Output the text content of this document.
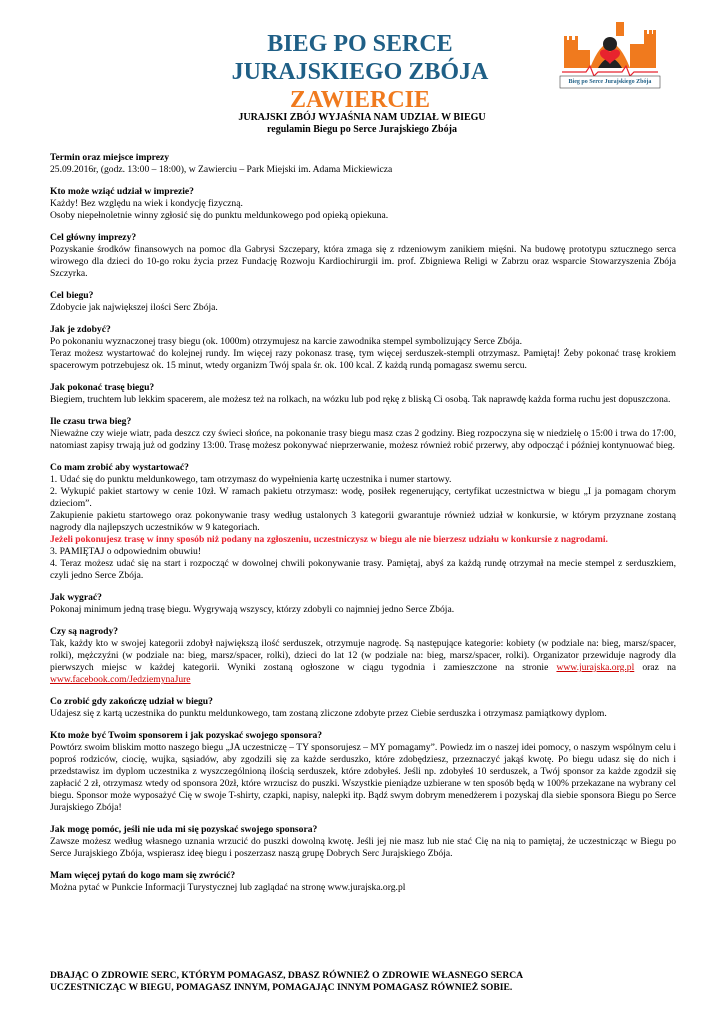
BIEG PO SERCE
JURAJSKIEGO ZBÓJA
ZAWIERCIE
Bieg po Serce Jurajskiego Zbója
JURAJSKI ZBÓJ WYJAŚNIA NAM UDZIAŁ W BIEGU
regulamin Biegu po Serce Jurajskiego Zbója
Termin oraz miejsce imprezy

25.09.2016r, (godz. 13:00 – 18:00), w Zawierciu – Park Miejski im. Adama Mickiewicza

Kto może wziąć udział w imprezie?

Każdy! Bez względu na wiek i kondycję fizyczną.

Osoby niepełnoletnie winny zgłosić się do punktu meldunkowego pod opieką opiekuna.

Cel główny imprezy?

Pozyskanie środków finansowych na pomoc dla Gabrysi Szczepary, która zmaga się z rdzeniowym zanikiem mięśni. Na budowę prototypu sztucznego serca wirowego dla dzieci do 10-go roku życia przez Fundację Rozwoju Kardiochirurgii im. prof. Zbigniewa Religi w Zabrzu oraz wsparcie Stowarzyszenia Zbója Szczyrka.

Cel biegu?

Zdobycie jak największej ilości Serc Zbója.

Jak je zdobyć?

Po pokonaniu wyznaczonej trasy biegu (ok. 1000m) otrzymujesz na karcie zawodnika stempel symbolizujący Serce Zbója.

Teraz możesz wystartować do kolejnej rundy. Im więcej razy pokonasz trasę, tym więcej serduszek-stempli otrzymasz. Pamiętaj! Żeby pokonać trasę krokiem spacerowym potrzebujesz ok. 15 minut, wtedy organizm Twój spala śr. ok. 100 kcal. Z każdą rundą pomagasz swemu sercu.

Jak pokonać trasę biegu?

Biegiem, truchtem lub lekkim spacerem, ale możesz też na rolkach, na wózku lub pod rękę z bliską Ci osobą. Tak naprawdę każda forma ruchu jest dopuszczona.

Ile czasu trwa bieg?

Nieważne czy wieje wiatr, pada deszcz czy świeci słońce, na pokonanie trasy biegu masz czas 2 godziny. Bieg rozpoczyna się w niedzielę o 15:00 i trwa do 17:00, natomiast zapisy trwają już od godziny 13:00. Trasę możesz pokonywać nieprzerwanie, możesz również robić przerwy, aby odpocząć i później kontynuować bieg.

Co mam zrobić aby wystartować?

1. Udać się do punktu meldunkowego, tam otrzymasz do wypełnienia kartę uczestnika i numer startowy.

2. Wykupić pakiet startowy w cenie 10zł. W ramach pakietu otrzymasz: wodę, posiłek regenerujący, certyfikat uczestnictwa w biegu „I ja pomagam chorym dzieciom”.

Zakupienie pakietu startowego oraz pokonywanie trasy według ustalonych 3 kategorii gwarantuje również udział w konkursie, w którym przyznane zostaną nagrody dla najlepszych uczestników w 9 kategoriach.

Jeżeli pokonujesz trasę w inny sposób niż podany na zgłoszeniu, uczestniczysz w biegu ale nie bierzesz udziału w konkursie z nagrodami.

3. PAMIĘTAJ o odpowiednim obuwiu!

4. Teraz możesz udać się na start i rozpocząć w dowolnej chwili pokonywanie trasy. Pamiętaj, abyś za każdą rundę otrzymał na mecie stempel z serduszkiem, czyli jedno Serce Zbója.

Jak wygrać?

Pokonaj minimum jedną trasę biegu. Wygrywają wszyscy, którzy zdobyli co najmniej jedno Serce Zbója.

Czy są nagrody?

Tak, każdy kto w swojej kategorii zdobył największą ilość serduszek, otrzymuje nagrodę. Są następujące kategorie: kobiety (w podziale na: bieg, marsz/spacer, rolki), mężczyźni (w podziale na: bieg, marsz/spacer, rolki), dzieci do lat 12 (w podziale na: bieg, marsz/spacer, rolki). Organizator przewiduje nagrody dla pierwszych miejsc w każdej kategorii. Wyniki zostaną ogłoszone w ciągu tygodnia i zamieszczone na stronie www.jurajska.org.pl oraz na www.facebook.com/JedziemynaJure

Co zrobić gdy zakończę udział w biegu?

Udajesz się z kartą uczestnika do punktu meldunkowego, tam zostaną zliczone zdobyte przez Ciebie serduszka i otrzymasz pamiątkowy dyplom.

Kto może być Twoim sponsorem i jak pozyskać swojego sponsora?

Powtórz swoim bliskim motto naszego biegu „JA uczestniczę – TY sponsorujesz – MY pomagamy”. Powiedz im o naszej idei pomocy, o naszym wspólnym celu i poproś rodziców, ciocię, wujka, sąsiadów, aby zgodzili się za każde serduszko, które zdobędziesz, przeznaczyć jakąś kwotę. Po biegu udasz się do nich i przedstawisz im dyplom uczestnika z wyszczególnioną ilością serduszek, które zdobyłeś. Jeśli np. zdobyłeś 10 serduszek, a Twój sponsor za każde zgodził się zapłacić 2 zł, otrzymasz wtedy od sponsora 20zł, które wrzucisz do puszki. Wszystkie pieniądze uzbierane w ten sposób będą w 100% przekazane na wybrany cel biegu. Sponsor może wyposażyć Cię w swoje T-shirty, czapki, napisy, nalepki itp. Bądź swym dobrym menedżerem i pozyskaj dla siebie sponsora Biegu po Serce Jurajskiego Zbója!

Jak mogę pomóc, jeśli nie uda mi się pozyskać swojego sponsora?

Zawsze możesz według własnego uznania wrzucić do puszki dowolną kwotę. Jeśli jej nie masz lub nie stać Cię na nią to pamiętaj, że uczestnicząc w Biegu po Serce Jurajskiego Zbója, wspierasz ideę biegu i poszerzasz naszą grupę Dobrych Serc Jurajskiego Zbója.

Mam więcej pytań do kogo mam się zwrócić?

Można pytać w Punkcie Informacji Turystycznej lub zaglądać na stronę www.jurajska.org.pl

DBAJĄC O ZDROWIE SERC, KTÓRYM POMAGASZ, DBASZ RÓWNIEŻ O ZDROWIE WŁASNEGO SERCA
UCZESTNICZĄC W BIEGU, POMAGASZ INNYM, POMAGAJĄC INNYM POMAGASZ RÓWNIEŻ SOBIE.
